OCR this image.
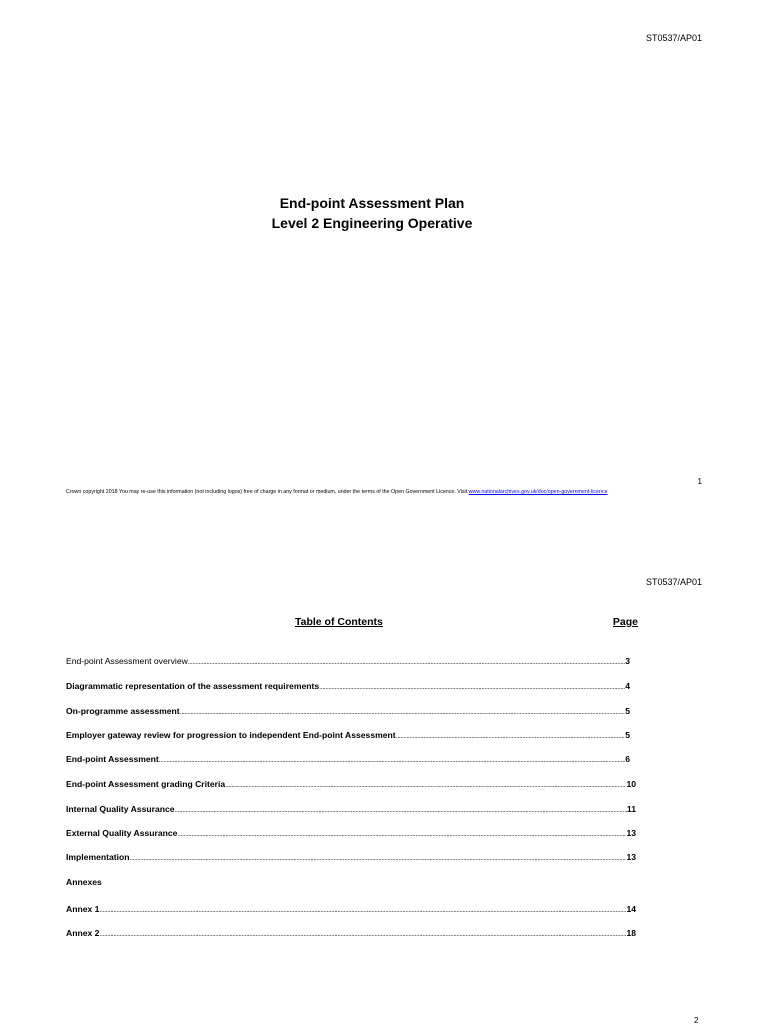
ST0537/AP01
End-point Assessment Plan
Level 2 Engineering Operative
1
Crown copyright 2018 You may re-use this information (not including logos) free of charge in any format or medium, under the terms of the Open Government Licence. Visit www.nationalarchives.gov.uk/doc/open-government-licence
ST0537/AP01
Table of Contents	Page
End-point Assessment overview .....	3
Diagrammatic representation of the assessment requirements .....	4
On-programme assessment .....	5
Employer gateway review for progression to independent End-point Assessment .....	5
End-point Assessment .....	6
End-point Assessment grading Criteria .....	10
Internal Quality Assurance .....	11
External Quality Assurance .....	13
Implementation .....	13
Annex 1 .....	14
Annex 2 .....	18
Annexes
2
